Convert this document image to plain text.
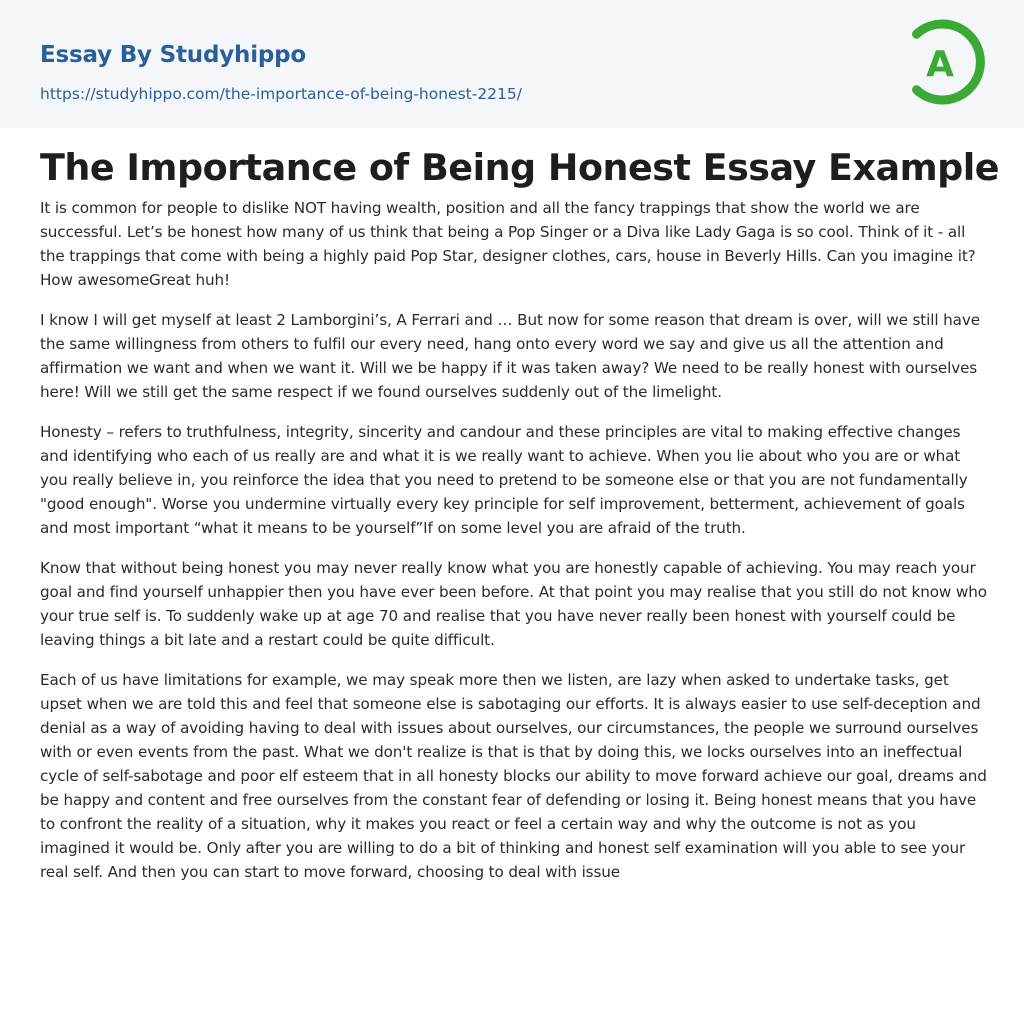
Essay By Studyhippo
https://studyhippo.com/the-importance-of-being-honest-2215/
A
The Importance of Being Honest Essay Example

It is common for people to dislike NOT having wealth, position and all the fancy trappings that show the world we are successful. Let’s be honest how many of us think that being a Pop Singer or a Diva like Lady Gaga is so cool. Think of it - all the trappings that come with being a highly paid Pop Star, designer clothes, cars, house in Beverly Hills. Can you imagine it? How awesomeGreat huh!

I know I will get myself at least 2 Lamborgini’s, A Ferrari and … But now for some reason that dream is over, will we still have the same willingness from others to fulfil our every need, hang onto every word we say and give us all the attention and affirmation we want and when we want it. Will we be happy if it was taken away? We need to be really honest with ourselves here! Will we still get the same respect if we found ourselves suddenly out of the limelight.

Honesty – refers to truthfulness, integrity, sincerity and candour and these principles are vital to making effective changes and identifying who each of us really are and what it is we really want to achieve. When you lie about who you are or what you really believe in, you reinforce the idea that you need to pretend to be someone else or that you are not fundamentally "good enough". Worse you undermine virtually every key principle for self improvement, betterment, achievement of goals and most important “what it means to be yourself”If on some level you are afraid of the truth.

Know that without being honest you may never really know what you are honestly capable of achieving. You may reach your goal and find yourself unhappier then you have ever been before. At that point you may realise that you still do not know who your true self is. To suddenly wake up at age 70 and realise that you have never really been honest with yourself could be leaving things a bit late and a restart could be quite difficult.

Each of us have limitations for example, we may speak more then we listen, are lazy when asked to undertake tasks, get upset when we are told this and feel that someone else is sabotaging our efforts. It is always easier to use self-deception and denial as a way of avoiding having to deal with issues about ourselves, our circumstances, the people we surround ourselves with or even events from the past. What we don't realize is that is that by doing this, we locks ourselves into an ineffectual cycle of self-sabotage and poor elf esteem that in all honesty blocks our ability to move forward achieve our goal, dreams and be happy and content and free ourselves from the constant fear of defending or losing it. Being honest means that you have to confront the reality of a situation, why it makes you react or feel a certain way and why the outcome is not as you imagined it would be. Only after you are willing to do a bit of thinking and honest self examination will you able to see your real self. And then you can start to move forward, choosing to deal with issue
